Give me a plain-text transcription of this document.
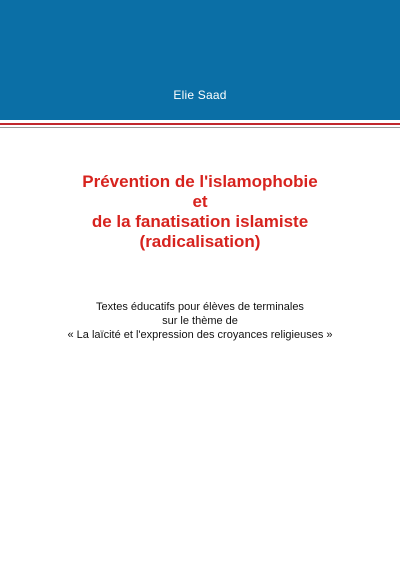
Elie Saad
Prévention de l'islamophobie
et
de la fanatisation islamiste
(radicalisation)
Textes éducatifs pour élèves de terminales
sur le thème de
« La laïcité et l'expression des croyances religieuses »
